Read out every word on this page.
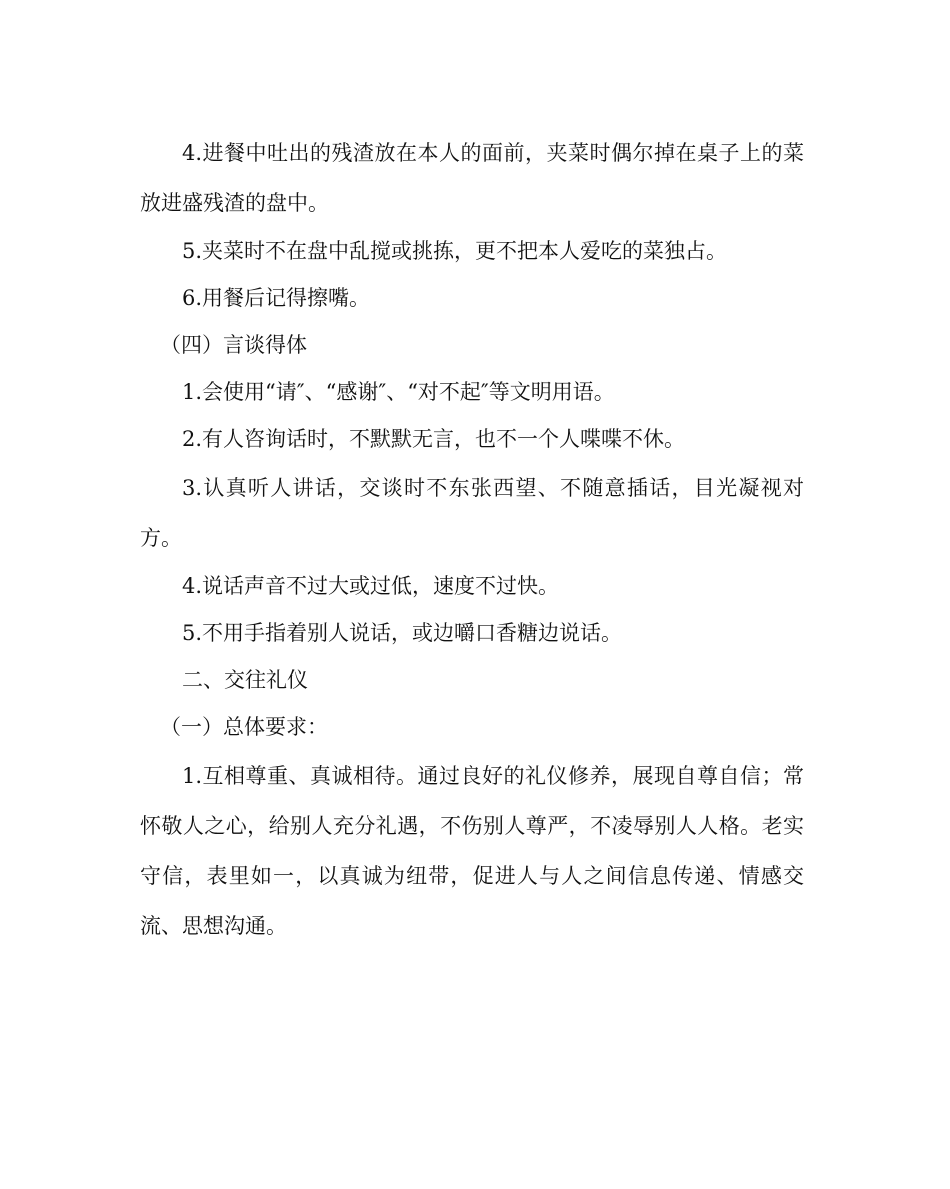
4.进餐中吐出的残渣放在本人的面前，夹菜时偶尔掉在桌子上的菜放进盛残渣的盘中。

5.夹菜时不在盘中乱搅或挑拣，更不把本人爱吃的菜独占。

6.用餐后记得擦嘴。

（四）言谈得体

1.会使用“请″、“感谢″、“对不起″等文明用语。

2.有人咨询话时，不默默无言，也不一个人喋喋不休。

3.认真听人讲话，交谈时不东张西望、不随意插话，目光凝视对方。

4.说话声音不过大或过低，速度不过快。

5.不用手指着别人说话，或边嚼口香糖边说话。

二、交往礼仪

（一）总体要求：

1.互相尊重、真诚相待。通过良好的礼仪修养，展现自尊自信；常怀敬人之心，给别人充分礼遇，不伤别人尊严，不凌辱别人人格。老实守信，表里如一，以真诚为纽带，促进人与人之间信息传递、情感交流、思想沟通。
